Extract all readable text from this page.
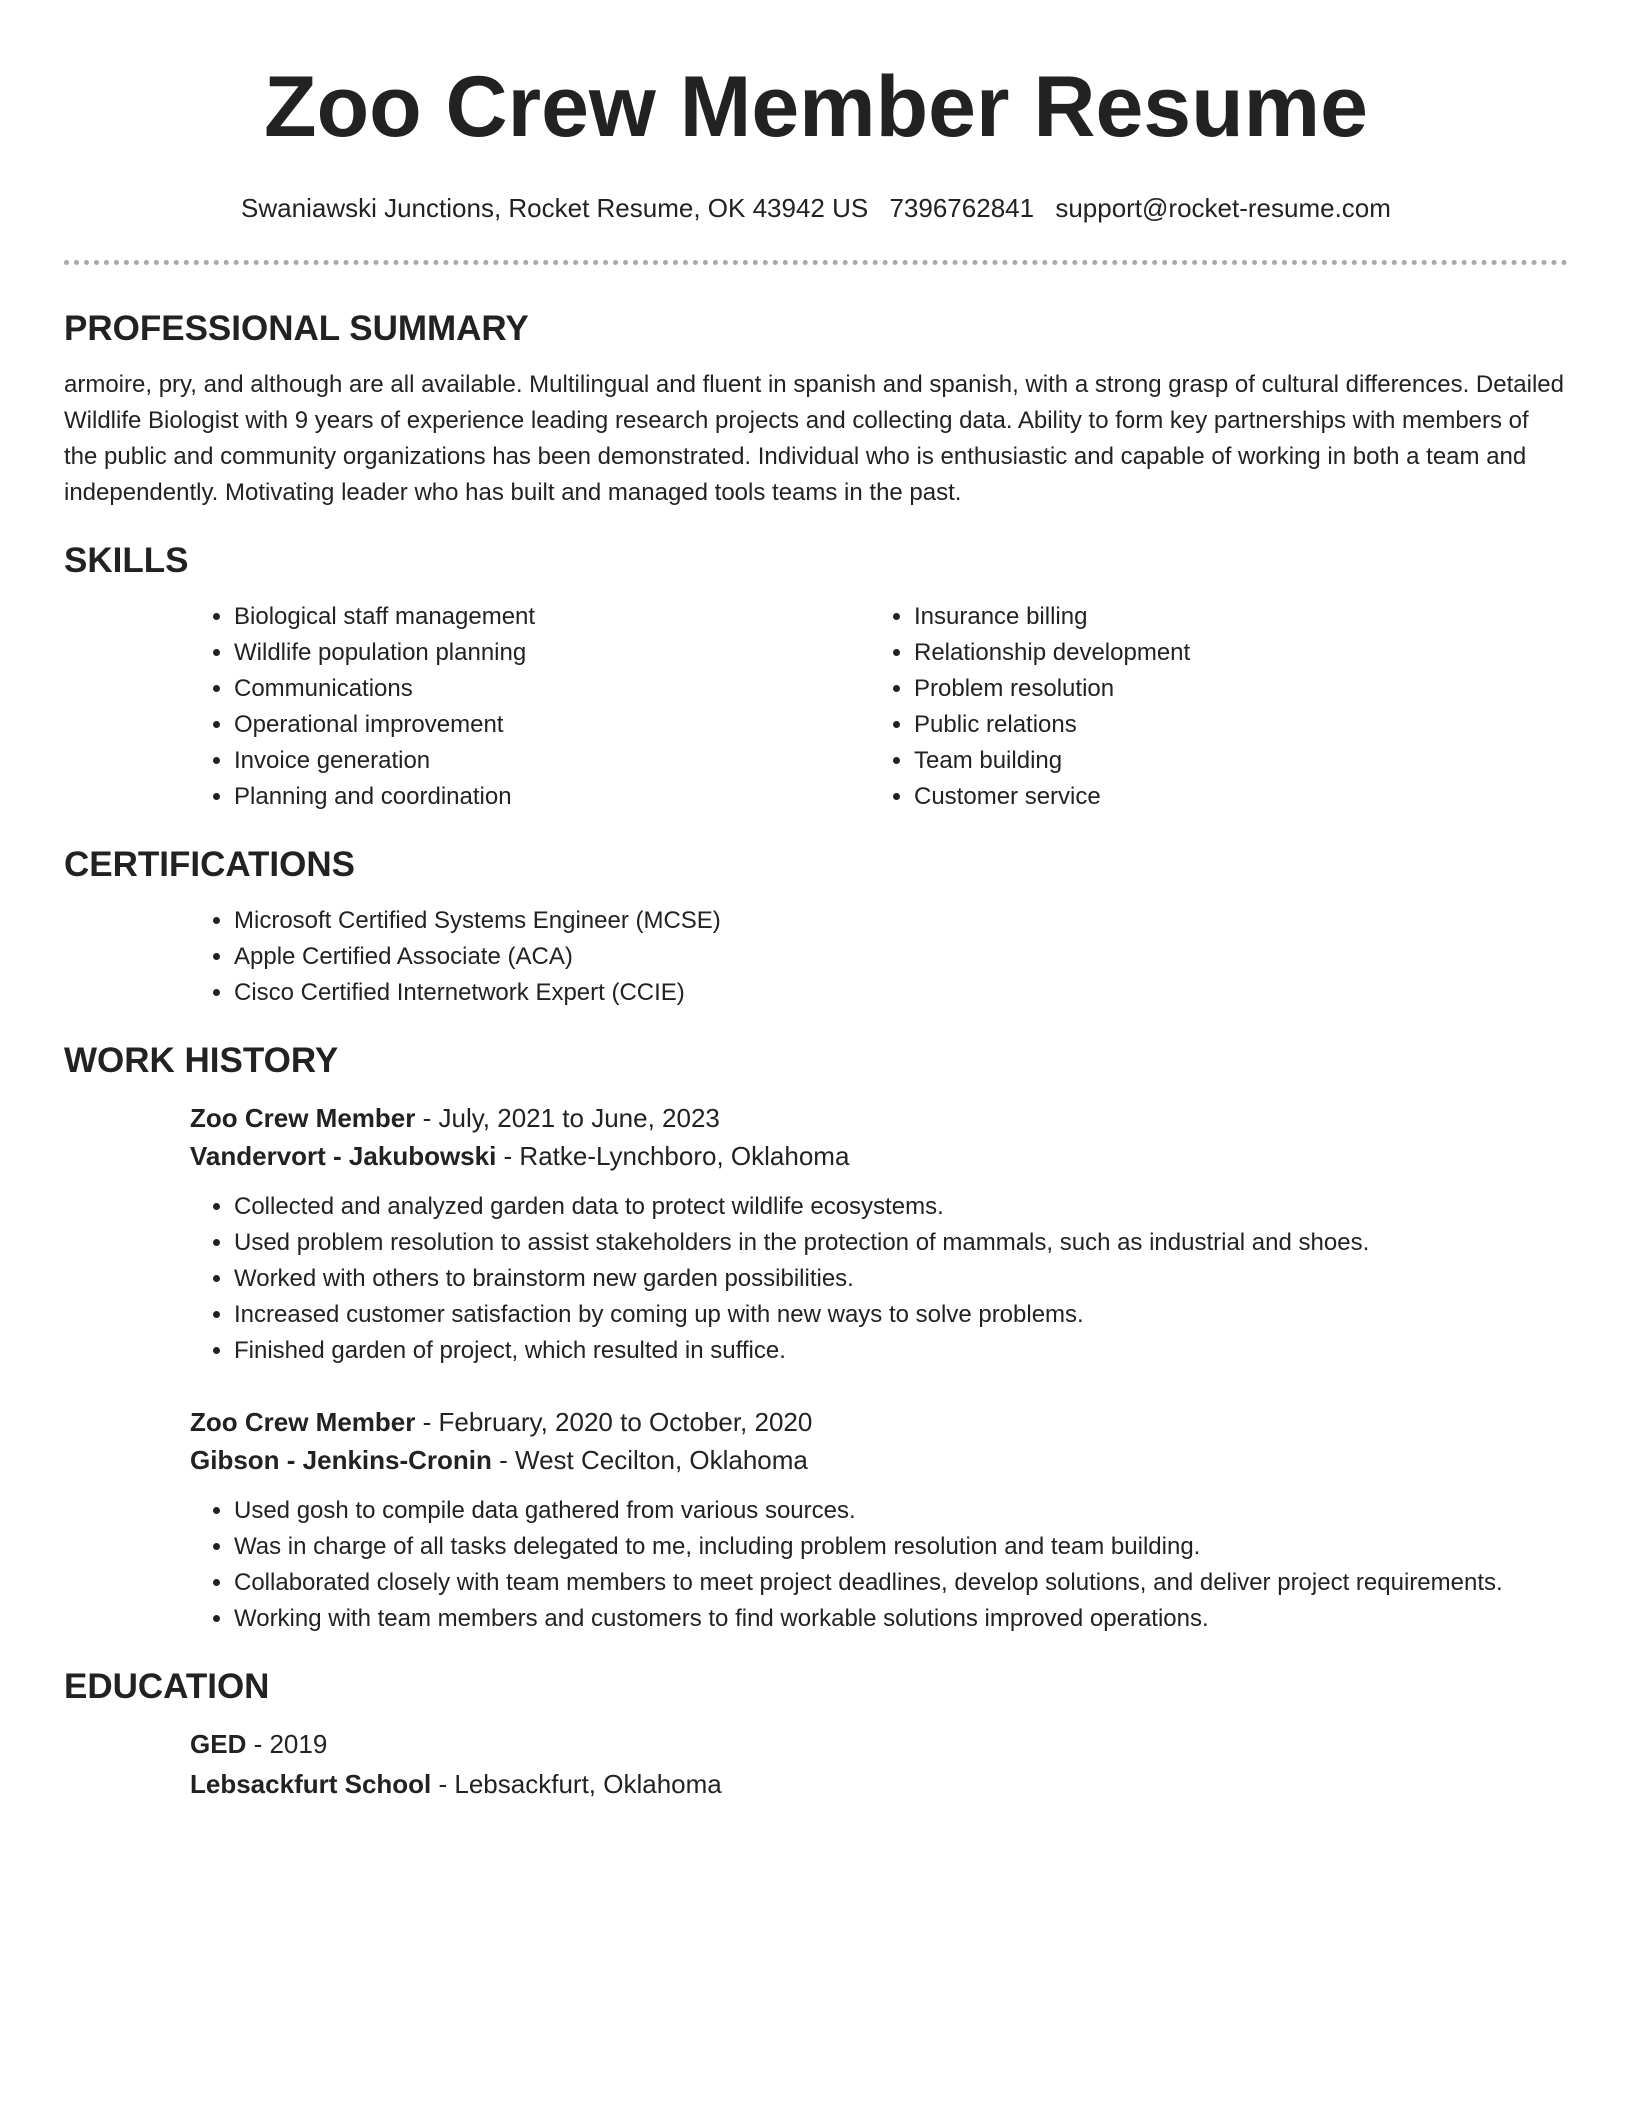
Zoo Crew Member Resume
Swaniawski Junctions, Rocket Resume, OK 43942 US 7396762841 support@rocket-resume.com
PROFESSIONAL SUMMARY

armoire, pry, and although are all available. Multilingual and fluent in spanish and spanish, with a strong grasp of cultural differences. Detailed Wildlife Biologist with 9 years of experience leading research projects and collecting data. Ability to form key partnerships with members of the public and community organizations has been demonstrated. Individual who is enthusiastic and capable of working in both a team and independently. Motivating leader who has built and managed tools teams in the past.

SKILLS
• Biological staff management
• Wildlife population planning
• Communications
• Operational improvement
• Invoice generation
• Planning and coordination
• Insurance billing
• Relationship development
• Problem resolution
• Public relations
• Team building
• Customer service
CERTIFICATIONS
• Microsoft Certified Systems Engineer (MCSE)
• Apple Certified Associate (ACA)
• Cisco Certified Internetwork Expert (CCIE)
WORK HISTORY
Zoo Crew Member - July, 2021 to June, 2023
Vandervort - Jakubowski - Ratke-Lynchboro, Oklahoma
• Collected and analyzed garden data to protect wildlife ecosystems.
• Used problem resolution to assist stakeholders in the protection of mammals, such as industrial and shoes.
• Worked with others to brainstorm new garden possibilities.
• Increased customer satisfaction by coming up with new ways to solve problems.
• Finished garden of project, which resulted in suffice.
Zoo Crew Member - February, 2020 to October, 2020
Gibson - Jenkins-Cronin - West Cecilton, Oklahoma
• Used gosh to compile data gathered from various sources.
• Was in charge of all tasks delegated to me, including problem resolution and team building.
• Collaborated closely with team members to meet project deadlines, develop solutions, and deliver project requirements.
• Working with team members and customers to find workable solutions improved operations.
EDUCATION
GED - 2019
Lebsackfurt School - Lebsackfurt, Oklahoma
